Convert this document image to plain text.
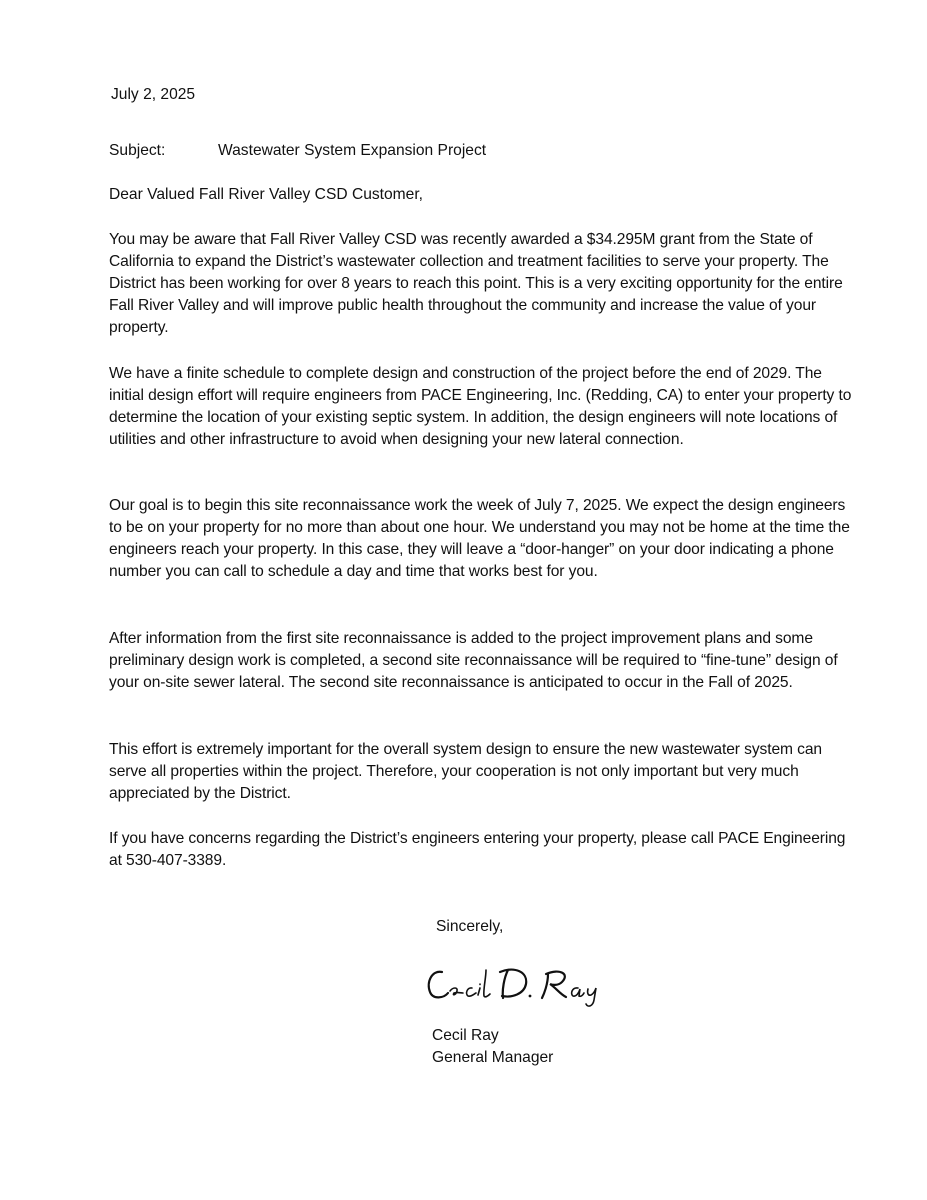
July 2, 2025
Subject:	Wastewater System Expansion Project
Dear Valued Fall River Valley CSD Customer,
You may be aware that Fall River Valley CSD was recently awarded a $34.295M grant from the State of California to expand the District’s wastewater collection and treatment facilities to serve your property. The District has been working for over 8 years to reach this point. This is a very exciting opportunity for the entire Fall River Valley and will improve public health throughout the community and increase the value of your property.
We have a finite schedule to complete design and construction of the project before the end of 2029. The initial design effort will require engineers from PACE Engineering, Inc. (Redding, CA) to enter your property to determine the location of your existing septic system. In addition, the design engineers will note locations of utilities and other infrastructure to avoid when designing your new lateral connection.
Our goal is to begin this site reconnaissance work the week of July 7, 2025. We expect the design engineers to be on your property for no more than about one hour. We understand you may not be home at the time the engineers reach your property. In this case, they will leave a “door-hanger” on your door indicating a phone number you can call to schedule a day and time that works best for you.
After information from the first site reconnaissance is added to the project improvement plans and some preliminary design work is completed, a second site reconnaissance will be required to “fine-tune” design of your on-site sewer lateral. The second site reconnaissance is anticipated to occur in the Fall of 2025.
This effort is extremely important for the overall system design to ensure the new wastewater system can serve all properties within the project. Therefore, your cooperation is not only important but very much appreciated by the District.
If you have concerns regarding the District’s engineers entering your property, please call PACE Engineering at 530-407-3389.
Sincerely,
Cecil Ray
General Manager
